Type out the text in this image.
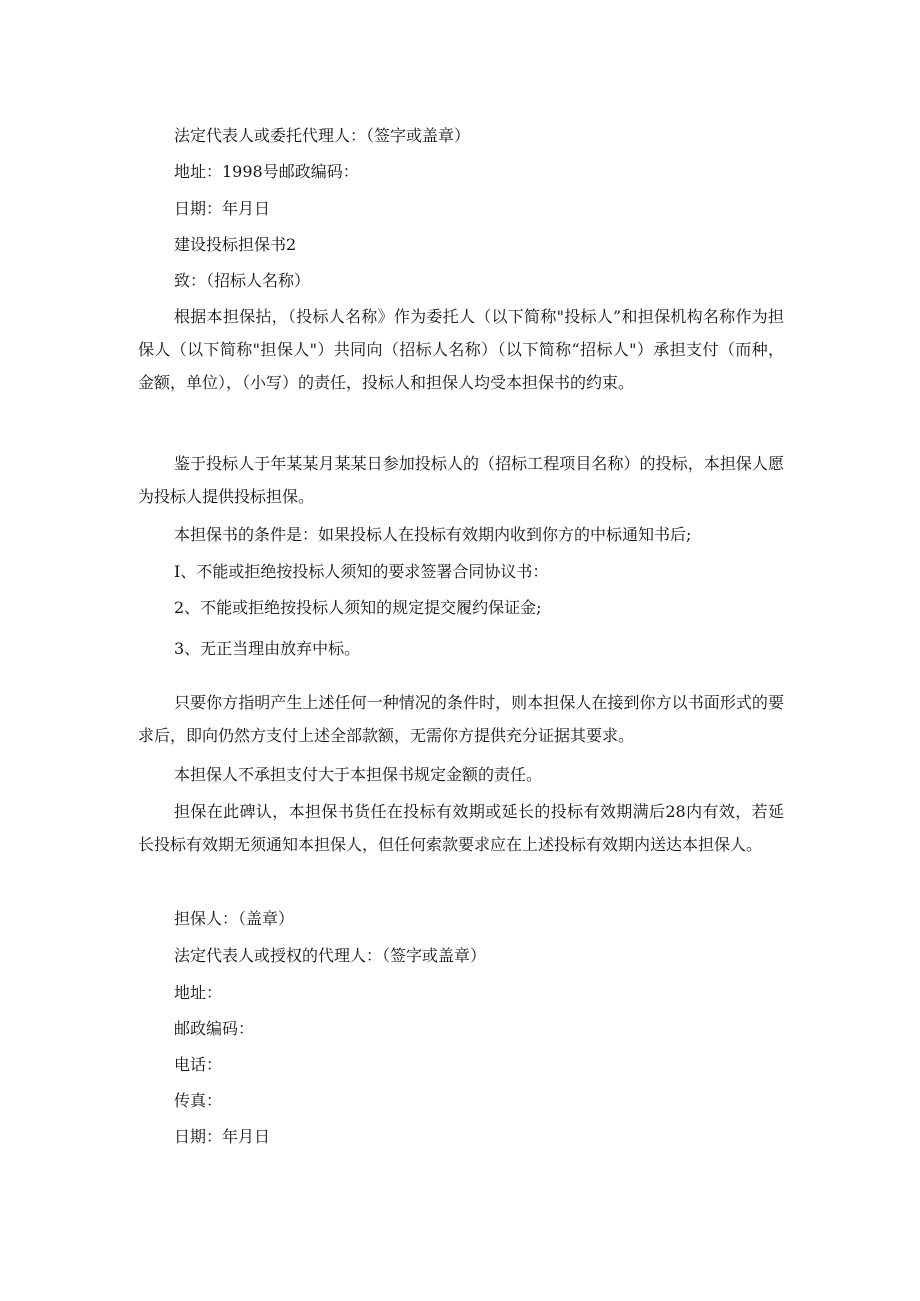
法定代表人或委托代理人：（签字或盖章）

地址：1998号邮政编码：

日期：年月日

建设投标担保书2

致：（招标人名称）

根据本担保拈，（投标人名称》作为委托人（以下简称"投标人”和担保机构名称作为担保人（以下简称"担保人"）共同向（招标人名称）（以下简称“招标人"）承担支付（而种，金额，单位），（小写）的责任，投标人和担保人均受本担保书的约束。

鉴于投标人于年某某月某某日参加投标人的（招标工程项目名称）的投标，本担保人愿为投标人提供投标担保。

本担保书的条件是：如果投标人在投标有效期内收到你方的中标通知书后;

I、不能或拒绝按投标人须知的要求签署合同协议书：

2、不能或拒绝按投标人须知的规定提交履约保证金;

3、无正当理由放弃中标。

只要你方指明产生上述任何一种情况的条件时，则本担保人在接到你方以书面形式的要求后，即向仍然方支付上述全部款额，无需你方提供充分证据其要求。

本担保人不承担支付大于本担保书规定金额的责任。

担保在此碑认，本担保书货任在投标有效期或延长的投标有效期满后28内有效，若延长投标有效期无须通知本担保人，但任何索款要求应在上述投标有效期内送达本担保人。

担保人：（盖章）

法定代表人或授权的代理人：（签字或盖章）

地址：

邮政编码：

电话：

传真：

日期：年月日
